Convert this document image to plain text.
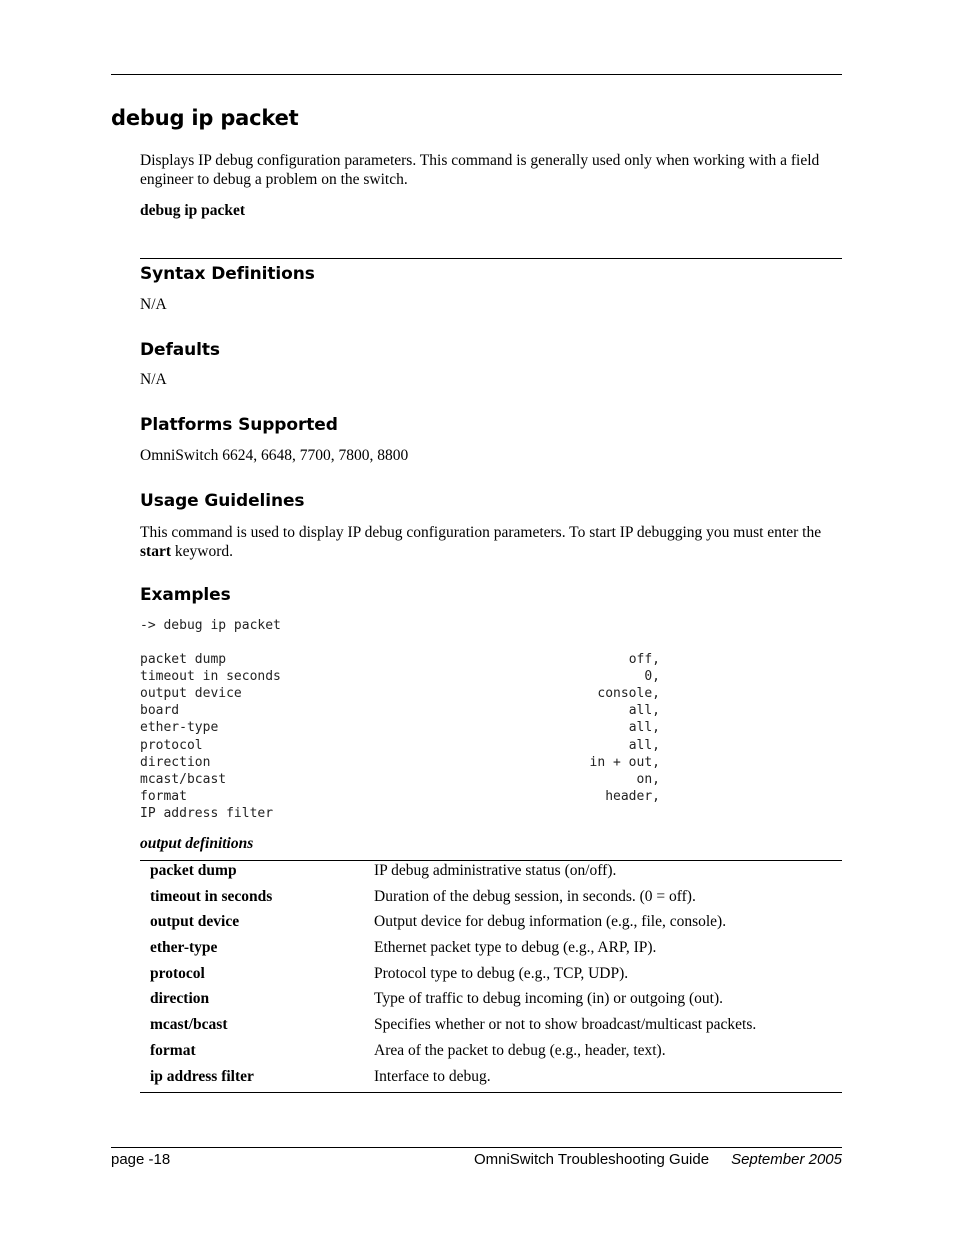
debug ip packet

Displays IP debug configuration parameters. This command is generally used only when working with a field engineer to debug a problem on the switch.

debug ip packet
Syntax Definitions
N/A
Defaults
N/A
Platforms Supported
OmniSwitch 6624, 6648, 7700, 7800, 8800
Usage Guidelines

This command is used to display IP debug configuration parameters. To start IP debugging you must enter the start keyword.

Examples
-> debug ip packet
packet dump	off,
timeout in seconds	0,
output device	console,
board	all,
ether-type	all,
protocol	all,
direction	in + out,
mcast/bcast	on,
format	header,
IP address filter
output definitions
packet dump	IP debug administrative status (on/off).
timeout in seconds	Duration of the debug session, in seconds. (0 = off).
output device	Output device for debug information (e.g., file, console).
ether-type	Ethernet packet type to debug (e.g., ARP, IP).
protocol	Protocol type to debug (e.g., TCP, UDP).
direction	Type of traffic to debug incoming (in) or outgoing (out).
mcast/bcast	Specifies whether or not to show broadcast/multicast packets.
format	Area of the packet to debug (e.g., header, text).
ip address filter	Interface to debug.
page -18	OmniSwitch Troubleshooting Guide September 2005
